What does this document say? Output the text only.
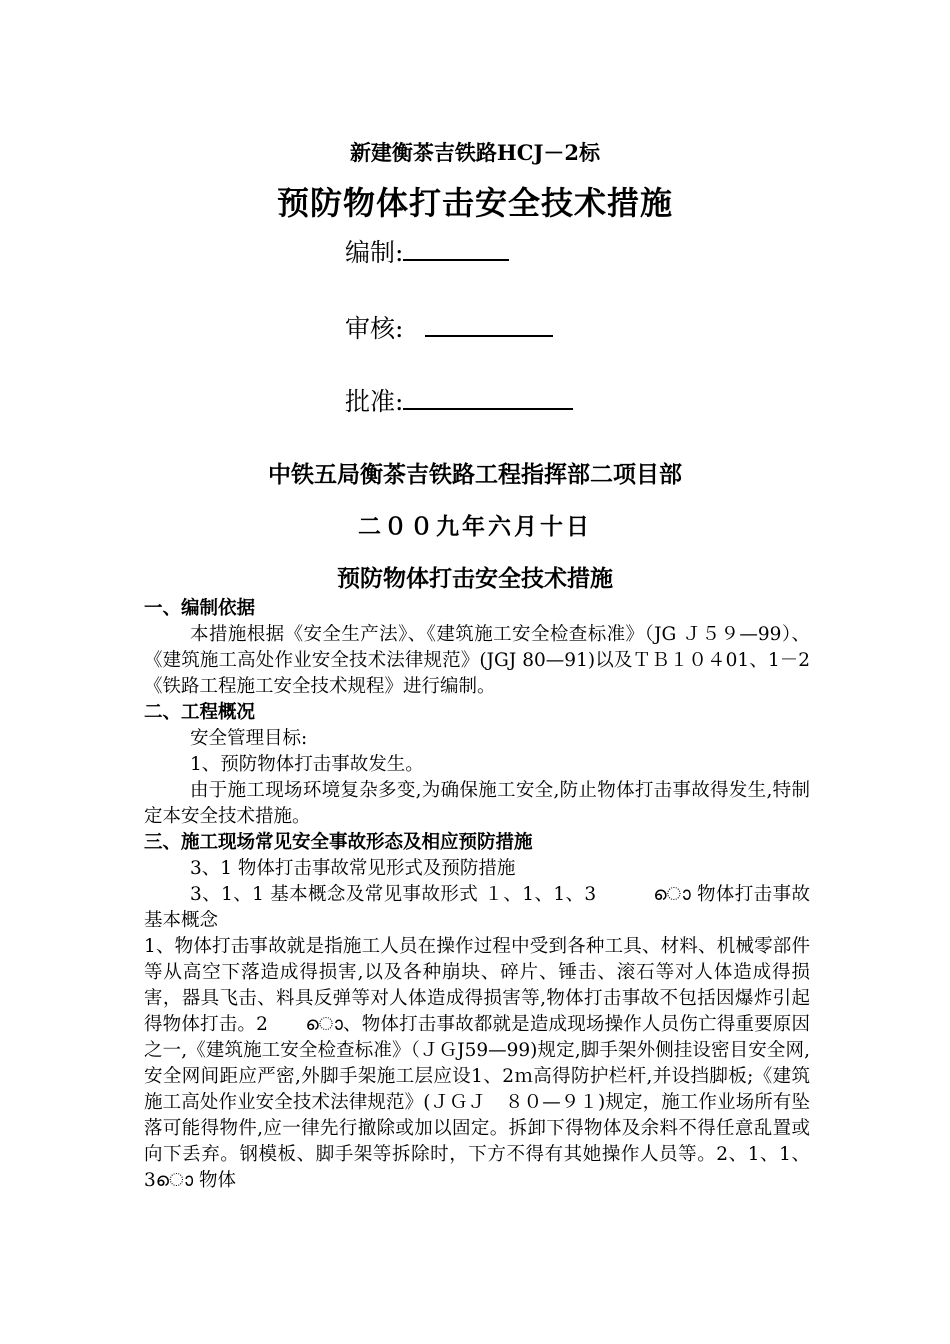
新建衡茶吉铁路HCJ－2标
预防物体打击安全技术措施
编制:
审核:
批准:
中铁五局衡茶吉铁路工程指挥部二项目部
二００九年六月十日
预防物体打击安全技术措施

一、编制依据

本措施根据《安全生产法》、《建筑施工安全检查标准》（JG Ｊ５９—99）、《建筑施工高处作业安全技术法律规范》(JGJ 80—91)以及ＴＢ１０４01、1－2《铁路工程施工安全技术规程》进行编制。

二、工程概况

安全管理目标:

1、预防物体打击事故发生。

由于施工现场环境复杂多变,为确保施工安全,防止物体打击事故得发生,特制定本安全技术措施。

三、施工现场常见安全事故形态及相应预防措施

3、1 物体打击事故常见形式及预防措施

3、1、1 基本概念及常见事故形式 １、1、1、3　　　ൊ 物体打击事故基本概念

1、物体打击事故就是指施工人员在操作过程中受到各种工具、材料、机械零部件等从高空下落造成得损害,以及各种崩块、碎片、锤击、滚石等对人体造成得损害，器具飞击、料具反弹等对人体造成得损害等,物体打击事故不包括因爆炸引起得物体打击。2　　ൊ、物体打击事故都就是造成现场操作人员伤亡得重要原因之一,《建筑施工安全检查标准》（ＪＧJ59—99)规定,脚手架外侧挂设密目安全网,安全网间距应严密,外脚手架施工层应设1、2ｍ高得防护栏杆,并设挡脚板;《建筑施工高处作业安全技术法律规范》(ＪＧＪ　８０—９１)规定，施工作业场所有坠落可能得物件,应一律先行撤除或加以固定。拆卸下得物体及余料不得任意乱置或向下丢弃。钢模板、脚手架等拆除时，下方不得有其她操作人员等。2、1、1、3ൊ 物体
